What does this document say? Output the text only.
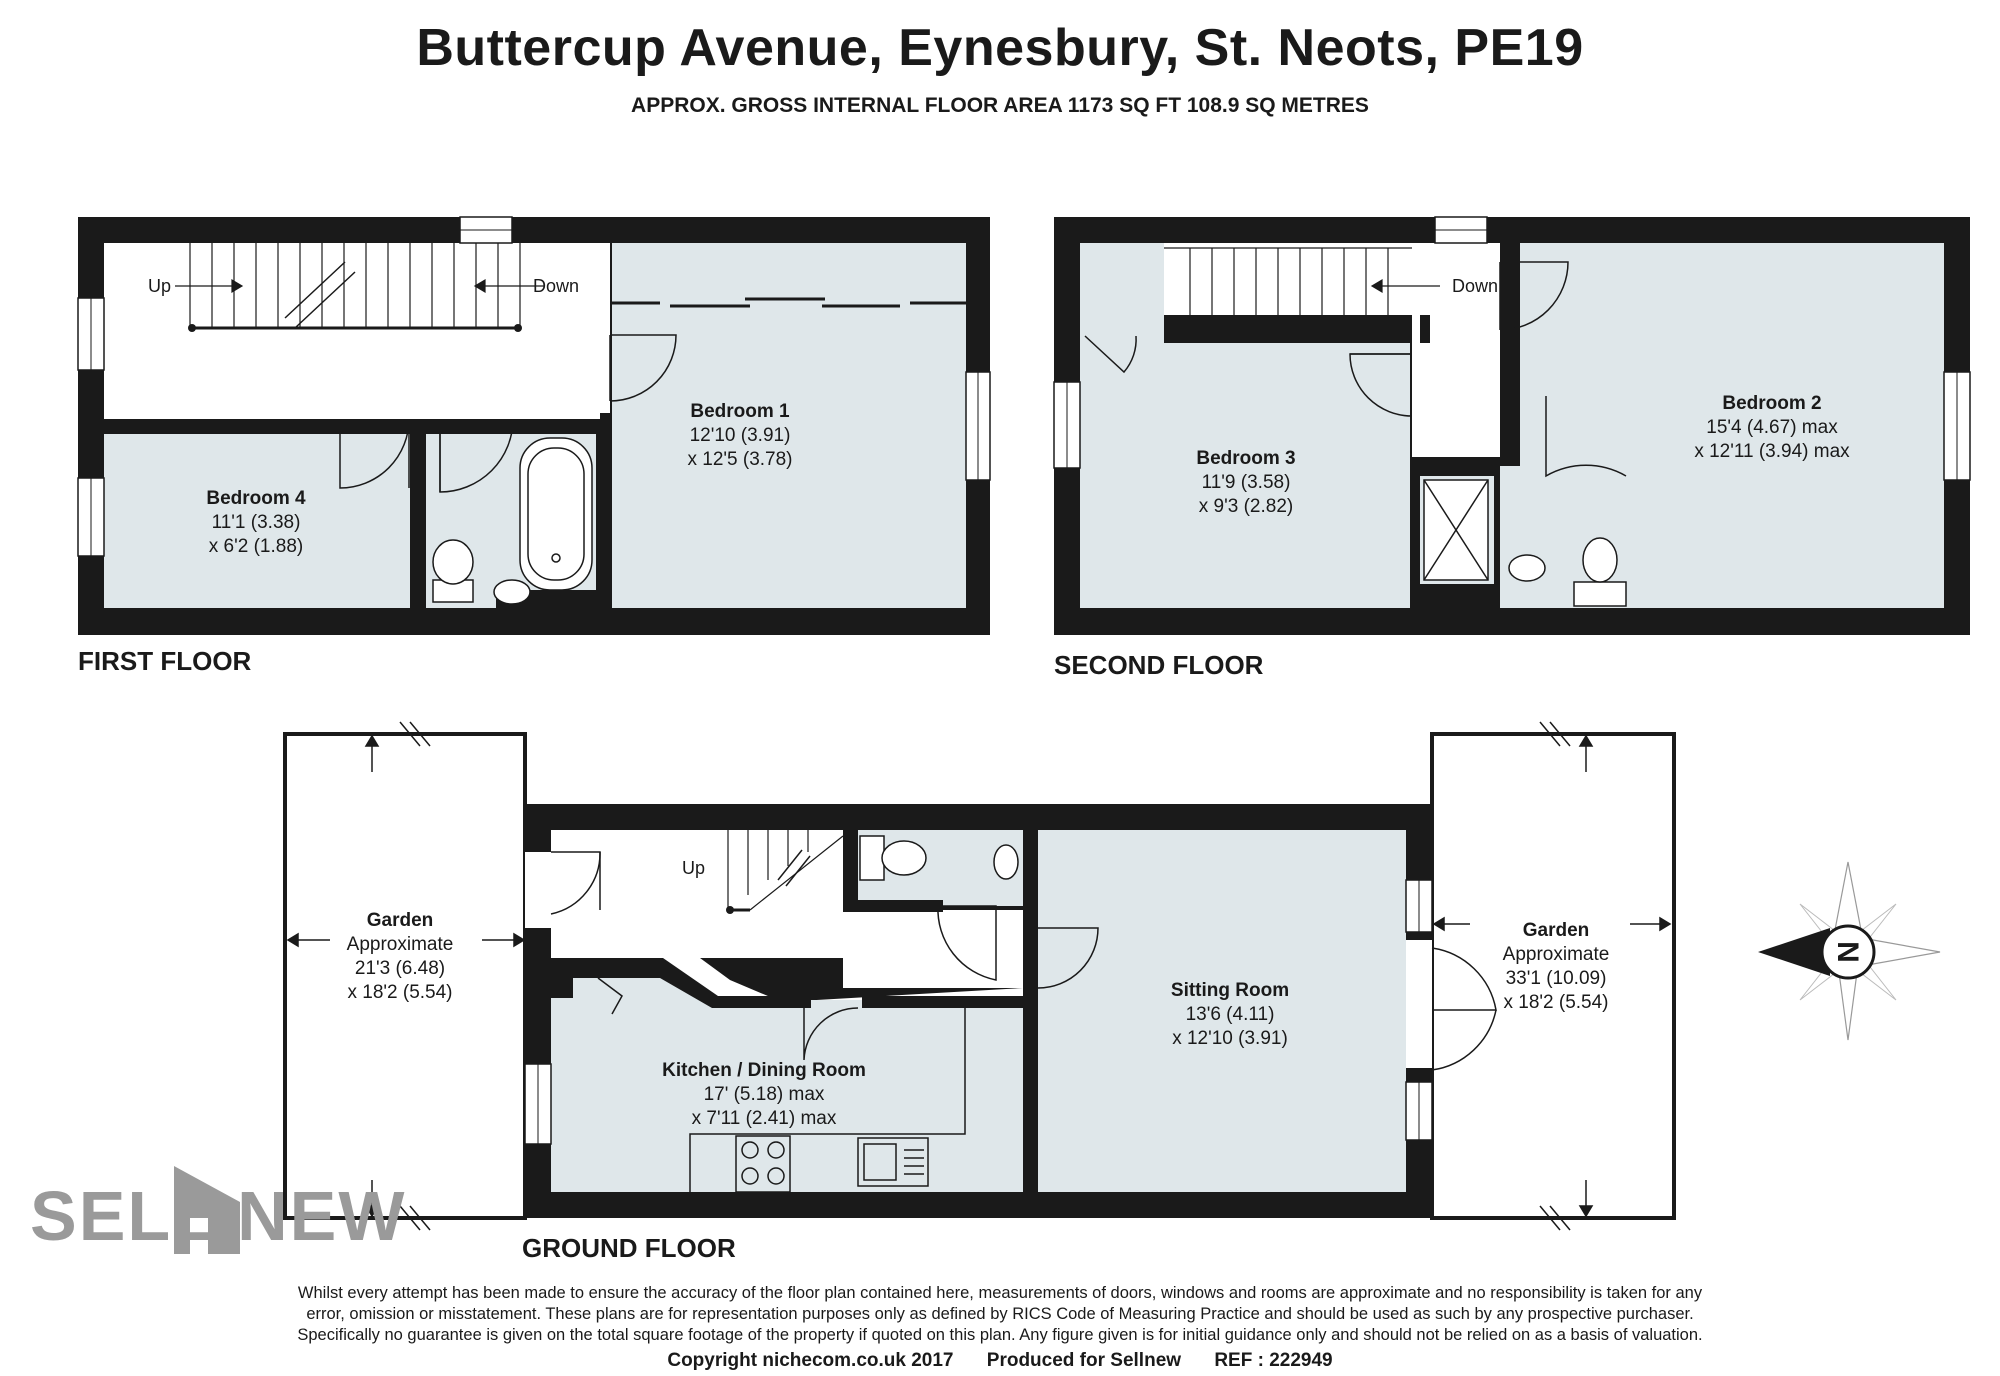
Buttercup Avenue, Eynesbury, St. Neots, PE19
APPROX. GROSS INTERNAL FLOOR AREA 1173 SQ FT 108.9 SQ METRES
Up	Down
Bedroom 1
12'10 (3.91)
x 12'5 (3.78)
Bedroom 4
11'1 (3.38)
x 6'2 (1.88)
Down
Bedroom 3
11'9 (3.58)
x 9'3 (2.82)
Bedroom 2
15'4 (4.67) max
x 12'11 (3.94) max
Up
Garden
Approximate
21'3 (6.48)
x 18'2 (5.54)
Garden
Approximate
33'1 (10.09)
x 18'2 (5.54)
Kitchen / Dining Room
17' (5.18) max
x 7'11 (2.41) max
Sitting Room
13'6 (4.11)
x 12'10 (3.91)
N
FIRST FLOOR	SECOND FLOOR
GROUND FLOOR
SELL NEW
Whilst every attempt has been made to ensure the accuracy of the floor plan contained here, measurements of doors, windows and rooms are approximate and no responsibility is taken for any
error, omission or misstatement. These plans are for representation purposes only as defined by RICS Code of Measuring Practice and should be used as such by any prospective purchaser.
Specifically no guarantee is given on the total square footage of the property if quoted on this plan. Any figure given is for initial guidance only and should not be relied on as a basis of valuation.
Copyright nichecom.co.uk 2017 Produced for Sellnew REF : 222949
